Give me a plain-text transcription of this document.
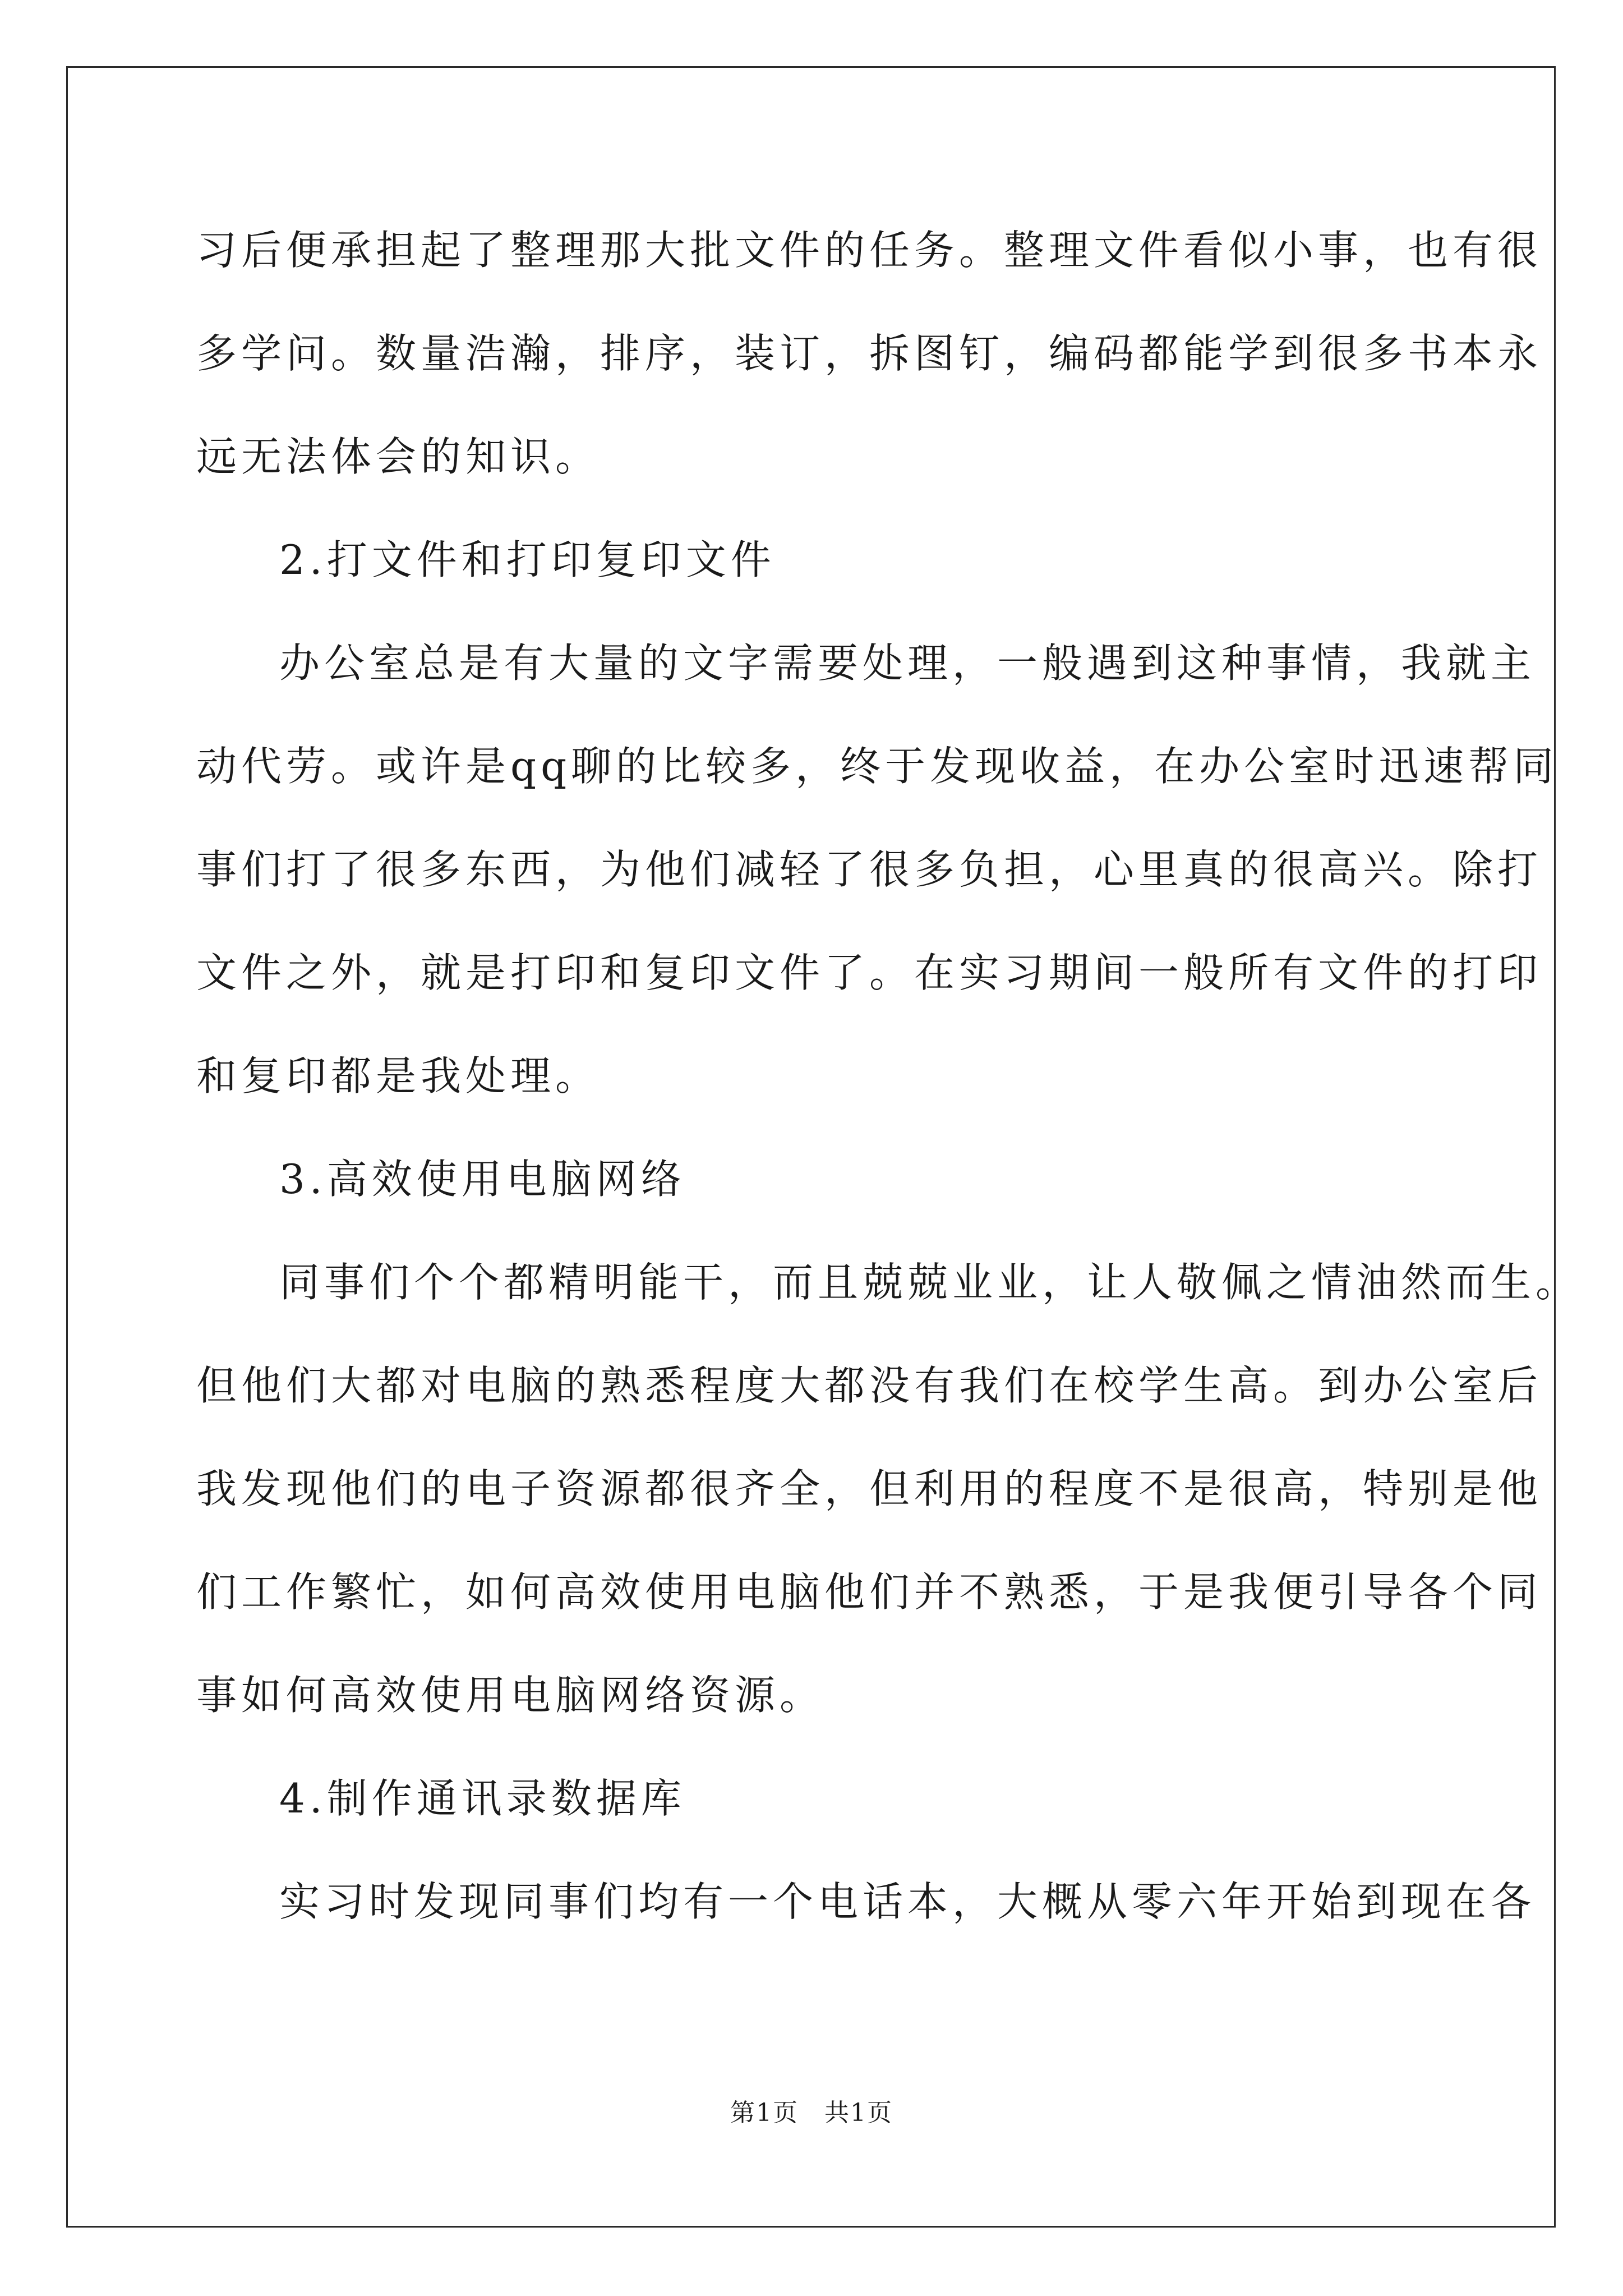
习后便承担起了整理那大批文件的任务。整理文件看似小事，也有很
多学问。数量浩瀚，排序，装订，拆图钉，编码都能学到很多书本永
远无法体会的知识。
2.打文件和打印复印文件
办公室总是有大量的文字需要处理，一般遇到这种事情，我就主
动代劳。或许是qq聊的比较多，终于发现收益，在办公室时迅速帮同
事们打了很多东西，为他们减轻了很多负担，心里真的很高兴。除打
文件之外，就是打印和复印文件了。在实习期间一般所有文件的打印
和复印都是我处理。
3.高效使用电脑网络
同事们个个都精明能干，而且兢兢业业，让人敬佩之情油然而生。
但他们大都对电脑的熟悉程度大都没有我们在校学生高。到办公室后
我发现他们的电子资源都很齐全，但利用的程度不是很高，特别是他
们工作繁忙，如何高效使用电脑他们并不熟悉，于是我便引导各个同
事如何高效使用电脑网络资源。
4.制作通讯录数据库
实习时发现同事们均有一个电话本，大概从零六年开始到现在各
第1页　共1页
